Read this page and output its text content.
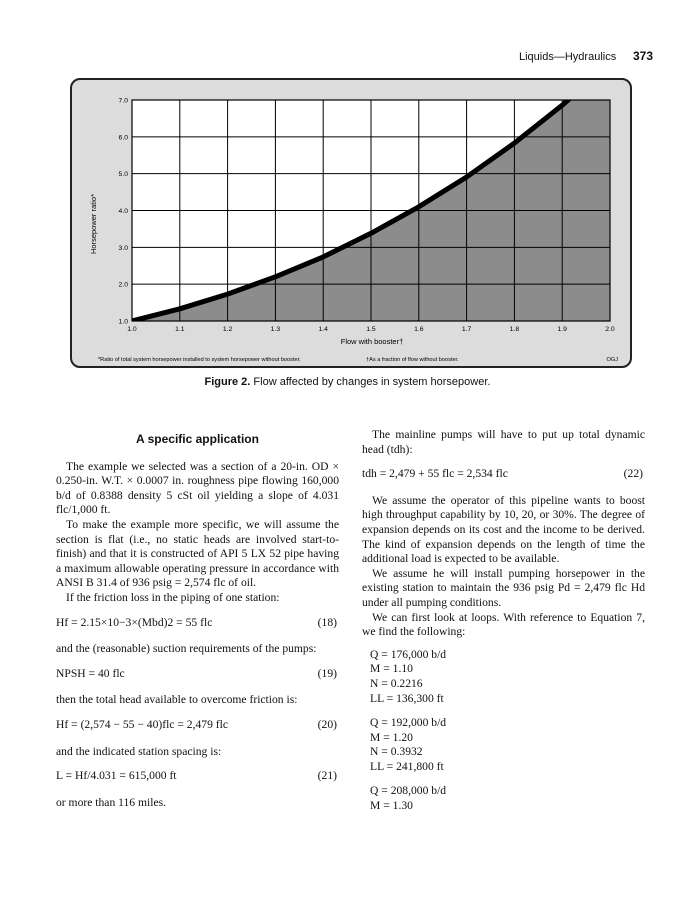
Liquids—Hydraulics 373
1.0	1.1	1.2	1.3	1.4	1.5	1.6	1.7	1.8	1.9	2.0
1.0
2.0
3.0
4.0
5.0
6.0
7.0
Flow with booster†
Horsepower ratio*
*Ratio of total system horsepower installed to system horsepower without booster.	†As a fraction of flow without booster.	OGJ
Figure 2. Flow affected by changes in system horsepower.
A specific application

The example we selected was a section of a 20-in. OD × 0.250-in. W.T. × 0.0007 in. roughness pipe flowing 160,000 b/d of 0.8388 density 5 cSt oil yielding a slope of 4.031 flc/1,000 ft.

To make the example more specific, we will assume the section is flat (i.e., no static heads are involved start-to-finish) and that it is constructed of API 5 LX 52 pipe having a maximum allowable operating pressure in accordance with ANSI B 31.4 of 936 psig = 2,574 flc of oil.

If the friction loss in the piping of one station:

Hf = 2.15×10−3×(Mbd)2 = 55 flc	(18)

and the (reasonable) suction requirements of the pumps:

NPSH = 40 flc	(19)

then the total head available to overcome friction is:

Hf = (2,574 − 55 − 40)flc = 2,479 flc	(20)

and the indicated station spacing is:

L = Hf/4.031 = 615,000 ft	(21)

or more than 116 miles.

The mainline pumps will have to put up total dynamic head (tdh):

tdh = 2,479 + 55 flc = 2,534 flc	(22)

We assume the operator of this pipeline wants to boost high throughput capability by 10, 20, or 30%. The degree of expansion depends on its cost and the income to be derived. The kind of expansion depends on the length of time the additional load is expected to be available.

We assume he will install pumping horsepower in the existing station to maintain the 936 psig Pd = 2,479 flc Hd under all pumping conditions.

We can first look at loops. With reference to Equation 7, we find the following:

Q = 176,000 b/d
M = 1.10
N = 0.2216
LL = 136,300 ft
Q = 192,000 b/d
M = 1.20
N = 0.3932
LL = 241,800 ft
Q = 208,000 b/d
M = 1.30
